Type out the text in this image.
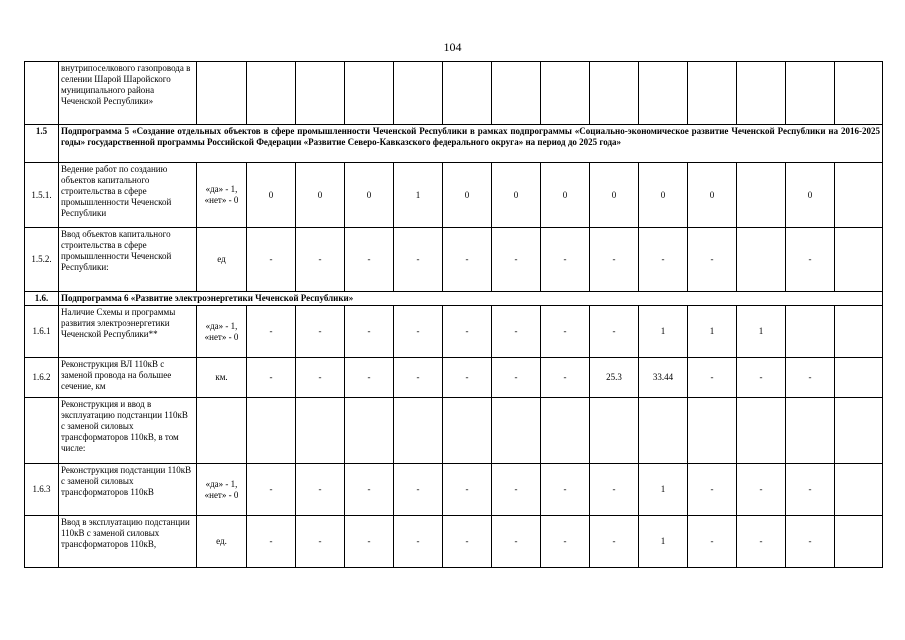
104
	внутрипоселкового газопровода в селении Шарой Шаройского муниципального района Чеченской Республики»														
1.5	Подпрограмма 5 «Создание отдельных объектов в сфере промышленности Чеченской Республики в рамках подпрограммы «Социально-экономическое развитие Чеченской Республики на 2016-2025 годы» государственной программы Российской Федерации «Развитие Северо-Кавказского федерального округа» на период до 2025 года»														
1.5.1.	Ведение работ по созданию объектов капитального строительства в сфере промышленности Чеченской Республики	«да» - 1, «нет» - 0	0	0	0	1	0	0	0	0	0	0		0	
1.5.2.	Ввод объектов капитального строительства в сфере промышленности Чеченской Республики:	ед	-	-	-	-	-	-	-	-	-	-		-	
1.6.	Подпрограмма 6 «Развитие электроэнергетики Чеченской Республики»														
1.6.1	Наличие Схемы и программы развития электроэнергетики Чеченской Республики**	«да» - 1, «нет» - 0	-	-	-	-	-	-	-	-	1	1	1		
1.6.2	Реконструкция ВЛ 110кВ с заменой провода на большее сечение, км	км.	-	-	-	-	-	-	-	25.3	33.44	-	-	-	
	Реконструкция и ввод в эксплуатацию подстанции 110кВ с заменой силовых трансформаторов 110кВ, в том числе:														
1.6.3	Реконструкция подстанции 110кВ с заменой силовых трансформаторов 110кВ	«да» - 1, «нет» - 0	-	-	-	-	-	-	-	-	1	-	-	-	
	Ввод в эксплуатацию подстанции 110кВ с заменой силовых трансформаторов 110кВ,	ед.	-	-	-	-	-	-	-	-	1	-	-	-	
